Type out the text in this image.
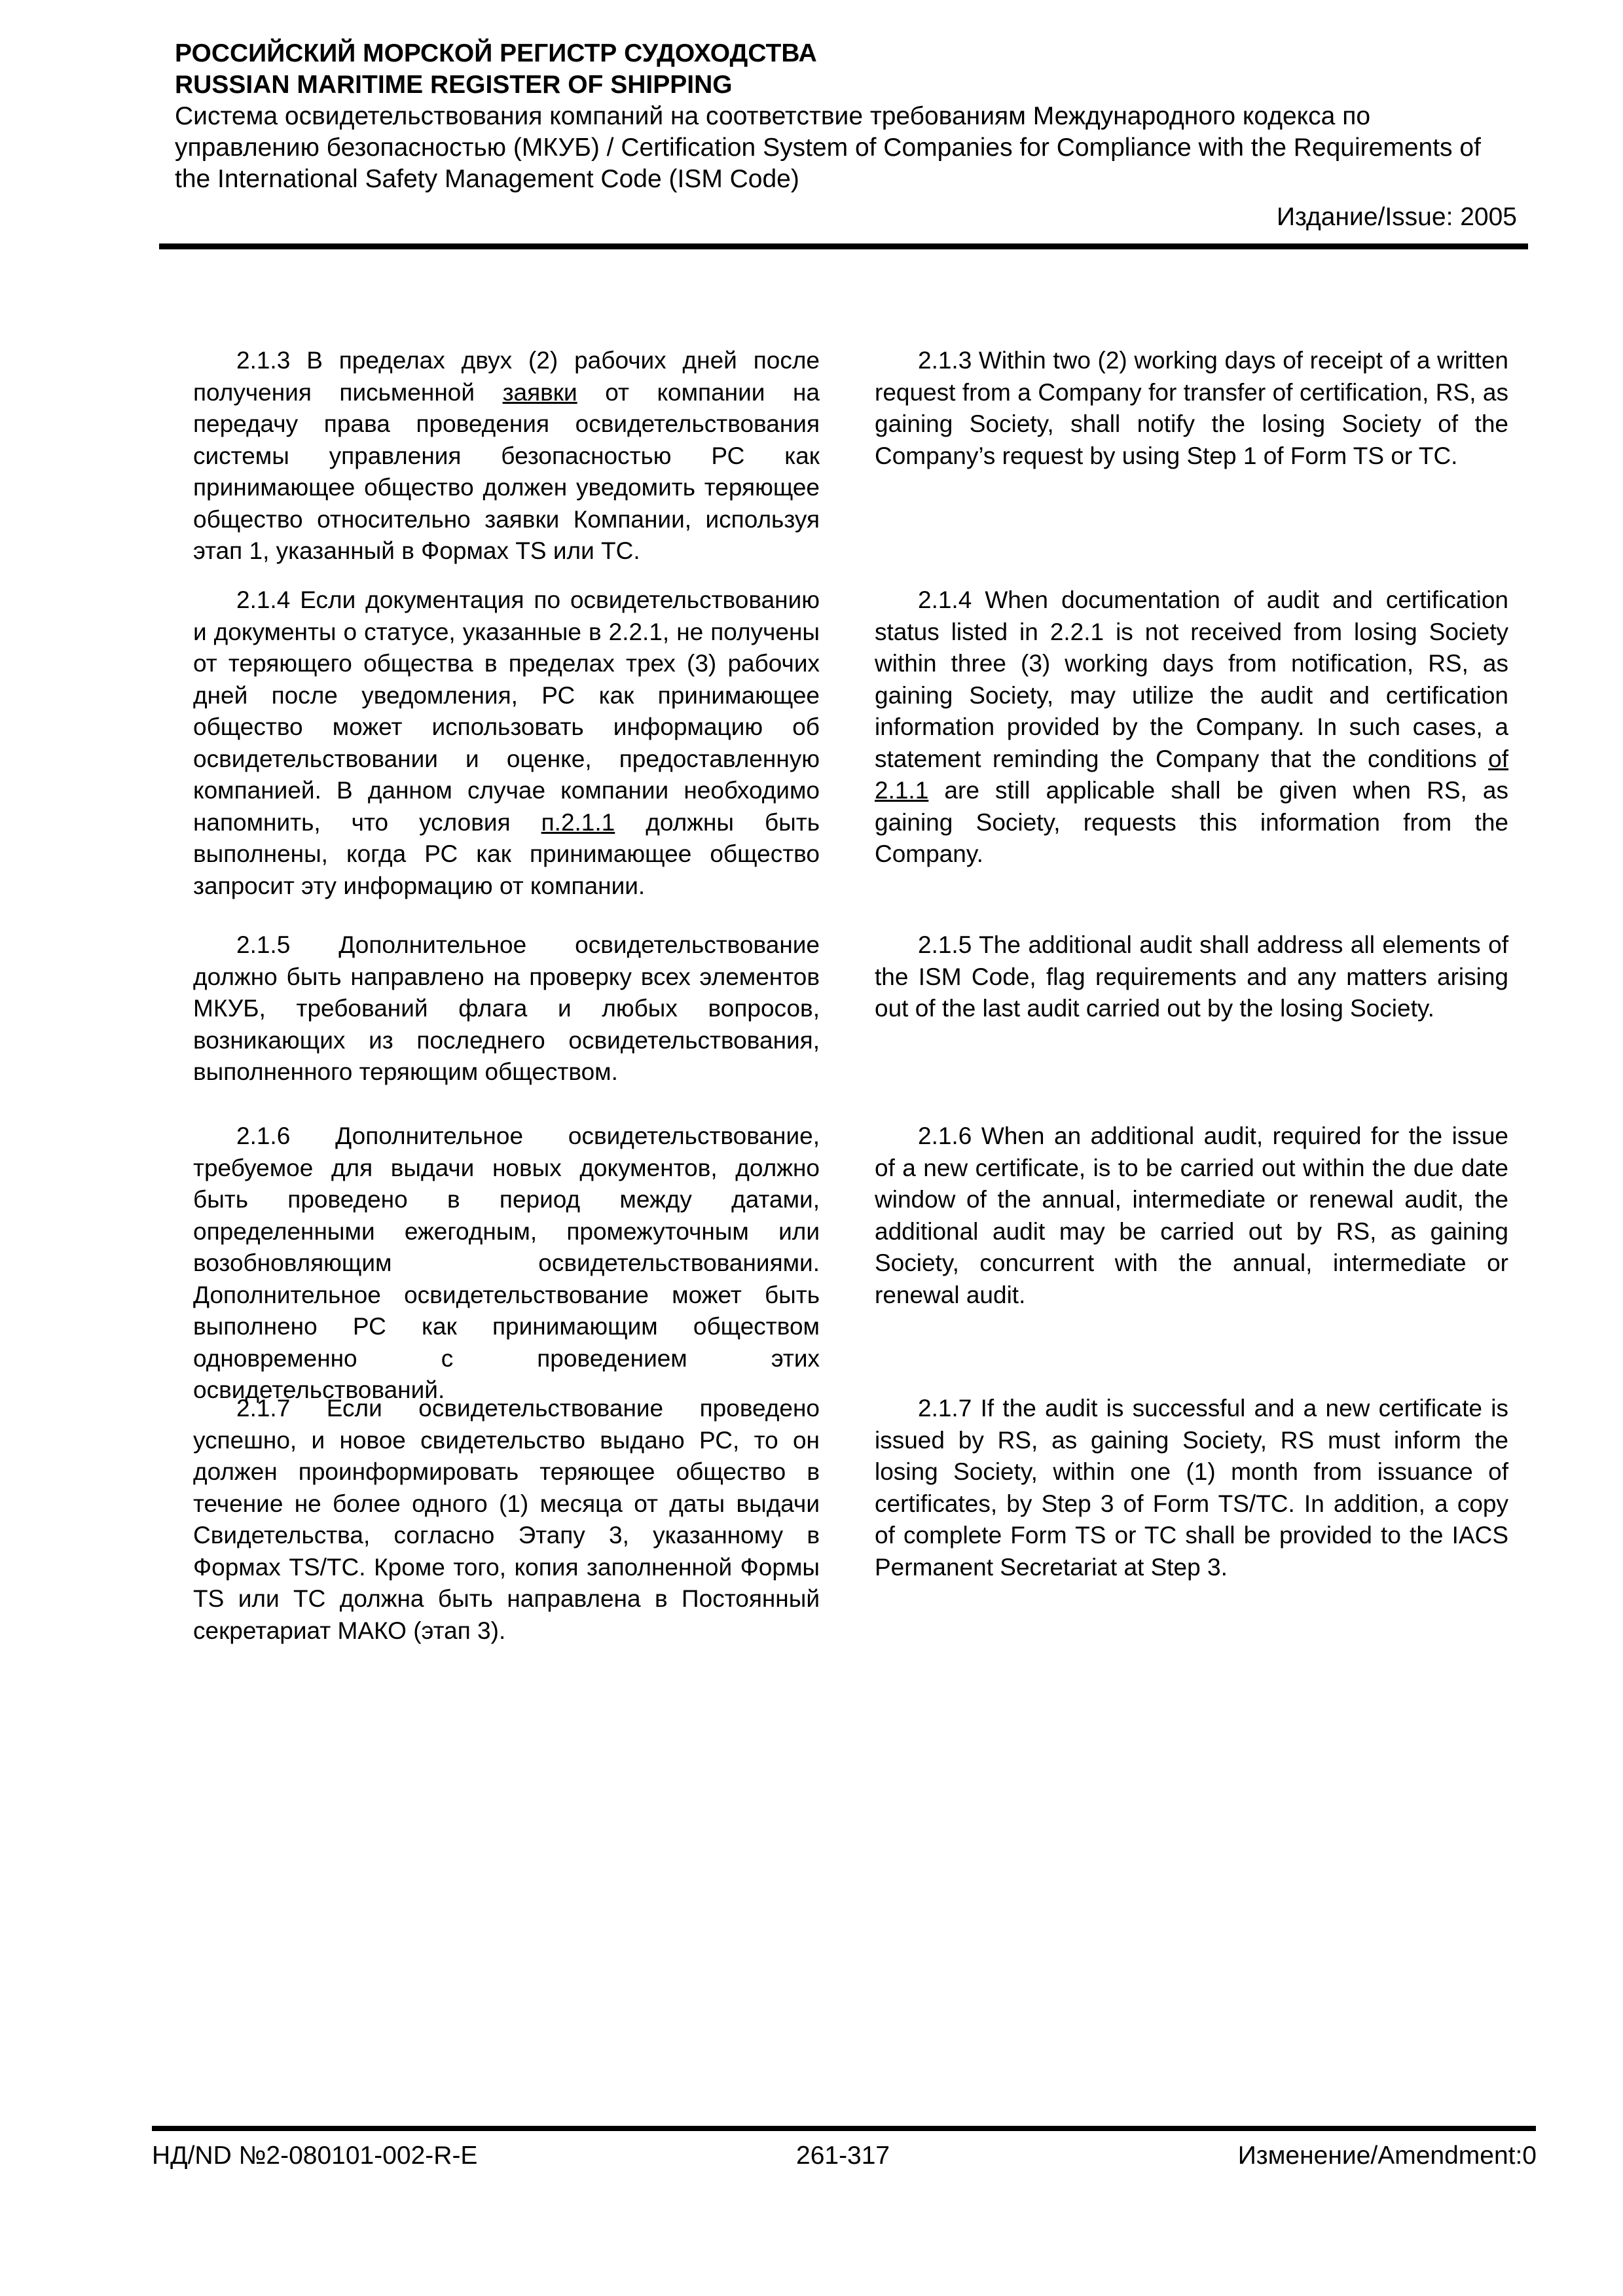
РОССИЙСКИЙ МОРСКОЙ РЕГИСТР СУДОХОДСТВА
RUSSIAN MARITIME REGISTER OF SHIPPING
Система освидетельствования компаний на соответствие требованиям Международного кодекса по управлению безопасностью (МКУБ) / Certification System of Companies for Compliance with the Requirements of the International Safety Management Code (ISM Code)
Издание/Issue: 2005

2.1.3 В пределах двух (2) рабочих дней после получения письменной заявки от компании на передачу права проведения освидетельствования системы управления безопасностью РС как принимающее общество должен уведомить теряющее общество относительно заявки Компании, используя этап 1, указанный в Формах TS или TC.

2.1.4 Если документация по освидетельствованию и документы о статусе, указанные в 2.2.1, не получены от теряющего общества в пределах трех (3) рабочих дней после уведомления, РС как принимающее общество может использовать информацию об освидетельствовании и оценке, предоставленную компанией. В данном случае компании необходимо напомнить, что условия п.2.1.1 должны быть выполнены, когда РС как принимающее общество запросит эту информацию от компании.

2.1.5 Дополнительное освидетельствование должно быть направлено на проверку всех элементов МКУБ, требований флага и любых вопросов, возникающих из последнего освидетельствования, выполненного теряющим обществом.

2.1.6 Дополнительное освидетельствование, требуемое для выдачи новых документов, должно быть проведено в период между датами, определенными ежегодным, промежуточным или возобновляющим освидетельствованиями. Дополнительное освидетельствование может быть выполнено РС как принимающим обществом одновременно с проведением этих освидетельствований.

2.1.7 Если освидетельствование проведено успешно, и новое свидетельство выдано РС, то он должен проинформировать теряющее общество в течение не более одного (1) месяца от даты выдачи Свидетельства, согласно Этапу 3, указанному в Формах TS/TC. Кроме того, копия заполненной Формы TS или TC должна быть направлена в Постоянный секретариат МАКО (этап 3).

2.1.3 Within two (2) working days of receipt of a written request from a Company for transfer of certification, RS, as gaining Society, shall notify the losing Society of the Company’s request by using Step 1 of Form TS or TC.

2.1.4 When documentation of audit and certification status listed in 2.2.1 is not received from losing Society within three (3) working days from notification, RS, as gaining Society, may utilize the audit and certification information provided by the Company. In such cases, a statement reminding the Company that the conditions of 2.1.1 are still applicable shall be given when RS, as gaining Society, requests this information from the Company.

2.1.5 The additional audit shall address all elements of the ISM Code, flag requirements and any matters arising out of the last audit carried out by the losing Society.

2.1.6 When an additional audit, required for the issue of a new certificate, is to be carried out within the due date window of the annual, intermediate or renewal audit, the additional audit may be carried out by RS, as gaining Society, concurrent with the annual, intermediate or renewal audit.

2.1.7 If the audit is successful and a new certificate is issued by RS, as gaining Society, RS must inform the losing Society, within one (1) month from issuance of certificates, by Step 3 of Form TS/TC. In addition, a copy of complete Form TS or TC shall be provided to the IACS Permanent Secretariat at Step 3.

НД/ND №2-080101-002-R-E	261-317	Изменение/Amendment:0
